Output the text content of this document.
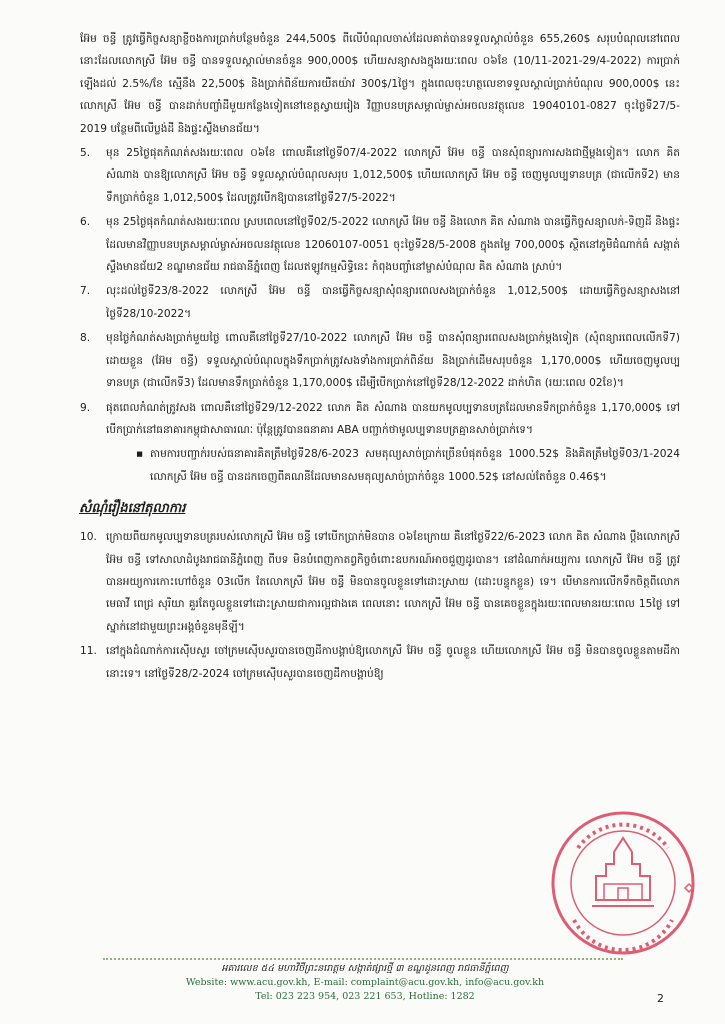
អ៊ែម ចន្ធី ត្រូវធ្វើកិច្ចសន្យាខ្ចីចងការប្រាក់បន្ថែមចំនួន 244,500$ ពីលើបំណុលចាស់ដែលគាត់បានទទួលស្គាល់ចំនួន 655,260$ សរុបបំណុលនៅពេលនោះដែលលោកស្រី អ៊ែម ចន្ធី បានទទួលស្គាល់មានចំនួន 900,000$ ហើយសន្យាសងក្នុងរយៈពេល ០៦ខែ (10/11-2021-29/4-2022) ការប្រាក់ឡើងដល់ 2.5%/ខែ ស្មើនឹង 22,500$ និងប្រាក់ពិន័យការយឺតយ៉ាវ 300$/1ថ្ងៃ។ ក្នុងពេលចុះហត្ថលេខាទទួលស្គាល់ប្រាក់បំណុល 900,000$ នេះ លោកស្រី អ៊ែម ចន្ធី បានដាក់បញ្ចាំដីមួយកន្លែងទៀតនៅខេត្តស្វាយរៀង វិញ្ញាបនបត្រសម្គាល់ម្ចាស់អចលនវត្ថុលេខ 19040101-0827 ចុះថ្ងៃទី27/5-2019 បន្ថែមពីលើប្លង់ដី និងផ្ទះស្ទឹងមានជ័យ។
5.	មុន 25ថ្ងៃផុតកំណត់សងរយៈពេល ០៦ខែ ពោលគឺនៅថ្ងៃទី07/4-2022 លោកស្រី អ៊ែម ចន្ធី បានសុំពន្យារការសងជាថ្មីម្តងទៀត។ លោក គិត សំណាង បានឱ្យលោកស្រី អ៊ែម ចន្ធី ទទួលស្គាល់បំណុលសរុប 1,012,500$ ហើយលោកស្រី អ៊ែម ចន្ធី ចេញមូលប្បទានបត្រ (ជាលើកទី2) មានទឹកប្រាក់ចំនួន 1,012,500$ ដែលត្រូវបើកឱ្យបាននៅថ្ងៃទី27/5-2022។
6.	មុន 25ថ្ងៃផុតកំណត់សងរយៈពេល ស្របពេលនៅថ្ងៃទី02/5-2022 លោកស្រី អ៊ែម ចន្ធី និងលោក គិត សំណាង បានធ្វើកិច្ចសន្យាលក់-ទិញដី និងផ្ទះ ដែលមានវិញ្ញាបនបត្រសម្គាល់ម្ចាស់អចលនវត្ថុលេខ 12060107-0051 ចុះថ្ងៃទី28/5-2008 ក្នុងតម្លៃ 700,000$ ស្ថិតនៅភូមិជំណាក់ធំ សង្កាត់ស្ទឹងមានជ័យ2 ខណ្ឌមានជ័យ រាជធានីភ្នំពេញ ដែលឥឡូវកម្មសិទ្ធិនេះ កំពុងបញ្ចាំនៅម្ចាស់បំណុល គិត សំណាង ស្រាប់។
7.	លុះដល់ថ្ងៃទី23/8-2022 លោកស្រី អ៊ែម ចន្ធី បានធ្វើកិច្ចសន្យាសុំពន្យារពេលសងប្រាក់ចំនួន 1,012,500$ ដោយធ្វើកិច្ចសន្យាសងនៅថ្ងៃទី28/10-2022។
8.	មុនថ្ងៃកំណត់សងប្រាក់មួយថ្ងៃ ពោលគឺនៅថ្ងៃទី27/10-2022 លោកស្រី អ៊ែម ចន្ធី បានសុំពន្យារពេលសងប្រាក់ម្តងទៀត (សុំពន្យារពេលលើកទី7) ដោយខ្លួន (អ៊ែម ចន្ធី) ទទួលស្គាល់បំណុលក្នុងទឹកប្រាក់ត្រូវសងទាំងការប្រាក់ពិន័យ និងប្រាក់ដើមសរុបចំនួន 1,170,000$ ហើយចេញមូលប្បទានបត្រ (ជាលើកទី3) ដែលមានទឹកប្រាក់ចំនួន 1,170,000$ ដើម្បីបើកប្រាក់នៅថ្ងៃទី28/12-2022 ដាក់ហិត (រយៈពេល 02ខែ)។
9.	ផុតពេលកំណត់ត្រូវសង ពោលគឺនៅថ្ងៃទី29/12-2022 លោក គិត សំណាង បានយកមូលប្បទានបត្រដែលមានទឹកប្រាក់ចំនួន 1,170,000$ ទៅបើកប្រាក់នៅធនាគារកម្ពុជាសាធារណៈ ប៉ុន្តែត្រូវបានធនាគារ ABA បញ្ជាក់ថាមូលប្បទានបត្រគ្មានសាច់ប្រាក់ទេ។
▪ តាមការបញ្ជាក់របស់ធនាគារគិតត្រឹមថ្ងៃទី28/6-2023 សមតុល្យសាច់ប្រាក់ច្រើនបំផុតចំនួន 1000.52$ និងគិតត្រឹមថ្ងៃទី03/1-2024 លោកស្រី អ៊ែម ចន្ធី បានដកចេញពីគណនីដែលមានសមតុល្យសាច់ប្រាក់ចំនួន 1000.52$ នៅសល់តែចំនួន 0.46$។
សំណុំរឿងនៅតុលាការ
10. ក្រោយពីយកមូលប្បទានបត្ររបស់លោកស្រី អ៊ែម ចន្ធី ទៅបើកប្រាក់មិនបាន ០៦ខែក្រោយ គឺនៅថ្ងៃទី22/6-2023 លោក គិត សំណាង ប្តឹងលោកស្រី អ៊ែម ចន្ធី ទៅសាលាដំបូងរាជធានីភ្នំពេញ ពីបទ មិនបំពេញកាតព្វកិច្ចចំពោះឧបករណ៍អាចជួញដូរបាន។ នៅដំណាក់អយ្យការ លោកស្រី អ៊ែម ចន្ធី ត្រូវបានអយ្យការកោះហៅចំនួន 03លើក តែលោកស្រី អ៊ែម ចន្ធី មិនបានចូលខ្លួនទៅដោះស្រាយ (ដោះបន្ទុកខ្លួន) ទេ។ បើមានការលើកទឹកចិត្តពីលោកមេធាវី ពេជ្រ សុរិយា គួរតែចូលខ្លួនទៅដោះស្រាយជាការល្អជាងគេ ពេលនោះ លោកស្រី អ៊ែម ចន្ធី បានគេចខ្លួនក្នុងរយៈពេលមានរយៈពេល 15ថ្ងៃ ទៅស្នាក់នៅជាមួយព្រះអង្គចំនួនមុនីឡី។
11. នៅក្នុងដំណាក់ការស៊ើបសួរ ចៅក្រមស៊ើបសួរបានចេញដីកាបង្គាប់ឱ្យលោកស្រី អ៊ែម ចន្ធី ចូលខ្លួន ហើយលោកស្រី អ៊ែម ចន្ធី មិនបានចូលខ្លួនតាមដីកានោះទេ។ នៅថ្ងៃទី28/2-2024 ចៅក្រមស៊ើបសួរបានចេញដីកាបង្គាប់ឱ្យ
អគារលេខ ៥៤ មហាវិថីព្រះនរោត្តម សង្កាត់ផ្សារថ្មី ៣ ខណ្ឌដូនពេញ រាជធានីភ្នំពេញ
Website: www.acu.gov.kh, E-mail: complaint@acu.gov.kh, info@acu.gov.kh
Tel: 023 223 954, 023 221 653, Hotline: 1282	2
